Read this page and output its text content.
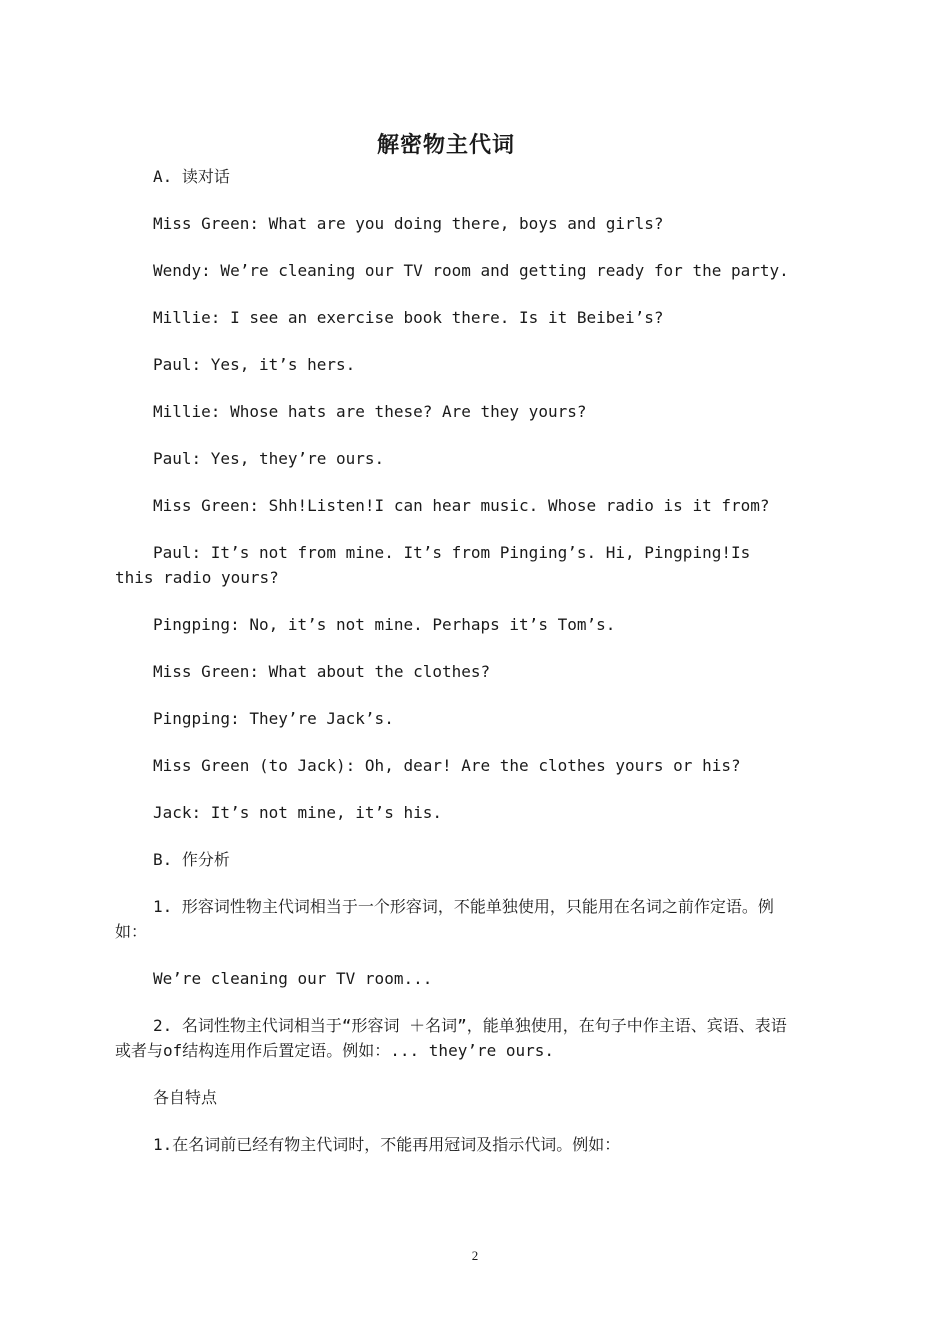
解密物主代词

A. 读对话

Miss Green: What are you doing there, boys and girls?

Wendy: We’re cleaning our TV room and getting ready for the party.

Millie: I see an exercise book there. Is it Beibei’s?

Paul: Yes, it’s hers.

Millie: Whose hats are these? Are they yours?

Paul: Yes, they’re ours.

Miss Green: Shh!Listen!I can hear music. Whose radio is it from?

Paul: It’s not from mine. It’s from Pinging’s. Hi, Pingping!Is this radio yours?

Pingping: No, it’s not mine. Perhaps it’s Tom’s.

Miss Green: What about the clothes?

Pingping: They’re Jack’s.

Miss Green (to Jack): Oh, dear! Are the clothes yours or his?

Jack: It’s not mine, it’s his.

B. 作分析

1. 形容词性物主代词相当于一个形容词，不能单独使用，只能用在名词之前作定语。例如：

We’re cleaning our TV room...

2. 名词性物主代词相当于“形容词 ＋名词”，能单独使用，在句子中作主语、宾语、表语或者与of结构连用作后置定语。例如：... they’re ours.

各自特点

1.在名词前已经有物主代词时，不能再用冠词及指示代词。例如：

2
